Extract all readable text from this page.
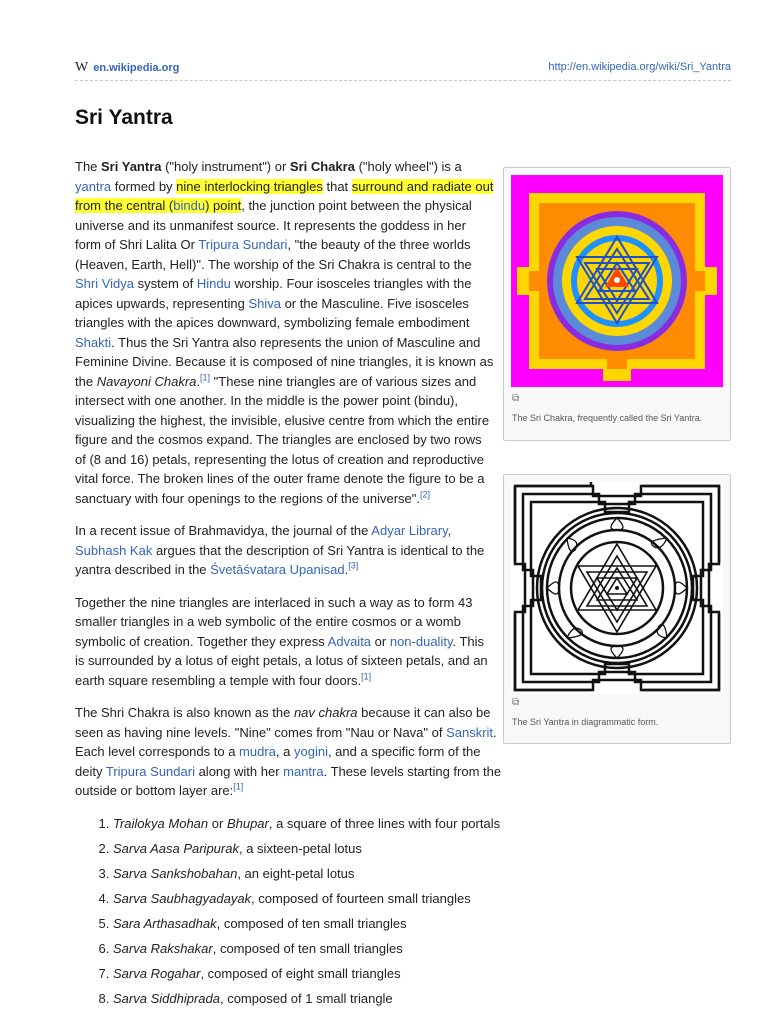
W en.wikipedia.org	http://en.wikipedia.org/wiki/Sri_Yantra
Sri Yantra

The Sri Yantra ("holy instrument") or Sri Chakra ("holy wheel") is a yantra formed by nine interlocking triangles that surround and radiate out from the central (bindu) point, the junction point between the physical universe and its unmanifest source. It represents the goddess in her form of Shri Lalita Or Tripura Sundari, "the beauty of the three worlds (Heaven, Earth, Hell)". The worship of the Sri Chakra is central to the Shri Vidya system of Hindu worship. Four isosceles triangles with the apices upwards, representing Shiva or the Masculine. Five isosceles triangles with the apices downward, symbolizing female embodiment Shakti. Thus the Sri Yantra also represents the union of Masculine and Feminine Divine. Because it is composed of nine triangles, it is known as the Navayoni Chakra.[1] "These nine triangles are of various sizes and intersect with one another. In the middle is the power point (bindu), visualizing the highest, the invisible, elusive centre from which the entire figure and the cosmos expand. The triangles are enclosed by two rows of (8 and 16) petals, representing the lotus of creation and reproductive vital force. The broken lines of the outer frame denote the figure to be a sanctuary with four openings to the regions of the universe".[2]

In a recent issue of Brahmavidya, the journal of the Adyar Library, Subhash Kak argues that the description of Sri Yantra is identical to the yantra described in the Śvetāśvatara Upanisad.[3]

Together the nine triangles are interlaced in such a way as to form 43 smaller triangles in a web symbolic of the entire cosmos or a womb symbolic of creation. Together they express Advaita or non-duality. This is surrounded by a lotus of eight petals, a lotus of sixteen petals, and an earth square resembling a temple with four doors.[1]

The Shri Chakra is also known as the nav chakra because it can also be seen as having nine levels. "Nine" comes from "Nau or Nava" of Sanskrit. Each level corresponds to a mudra, a yogini, and a specific form of the deity Tripura Sundari along with her mantra. These levels starting from the outside or bottom layer are:[1]

1. Trailokya Mohan or Bhupar, a square of three lines with four portals
2. Sarva Aasa Paripurak, a sixteen-petal lotus
3. Sarva Sankshobahan, an eight-petal lotus
4. Sarva Saubhagyadayak, composed of fourteen small triangles
5. Sara Arthasadhak, composed of ten small triangles
6. Sarva Rakshakar, composed of ten small triangles
7. Sarva Rogahar, composed of eight small triangles
8. Sarva Siddhiprada, composed of 1 small triangle
⧉
The Sri Chakra, frequently called the Sri Yantra.
⧉
The Sri Yantra in diagrammatic form.
